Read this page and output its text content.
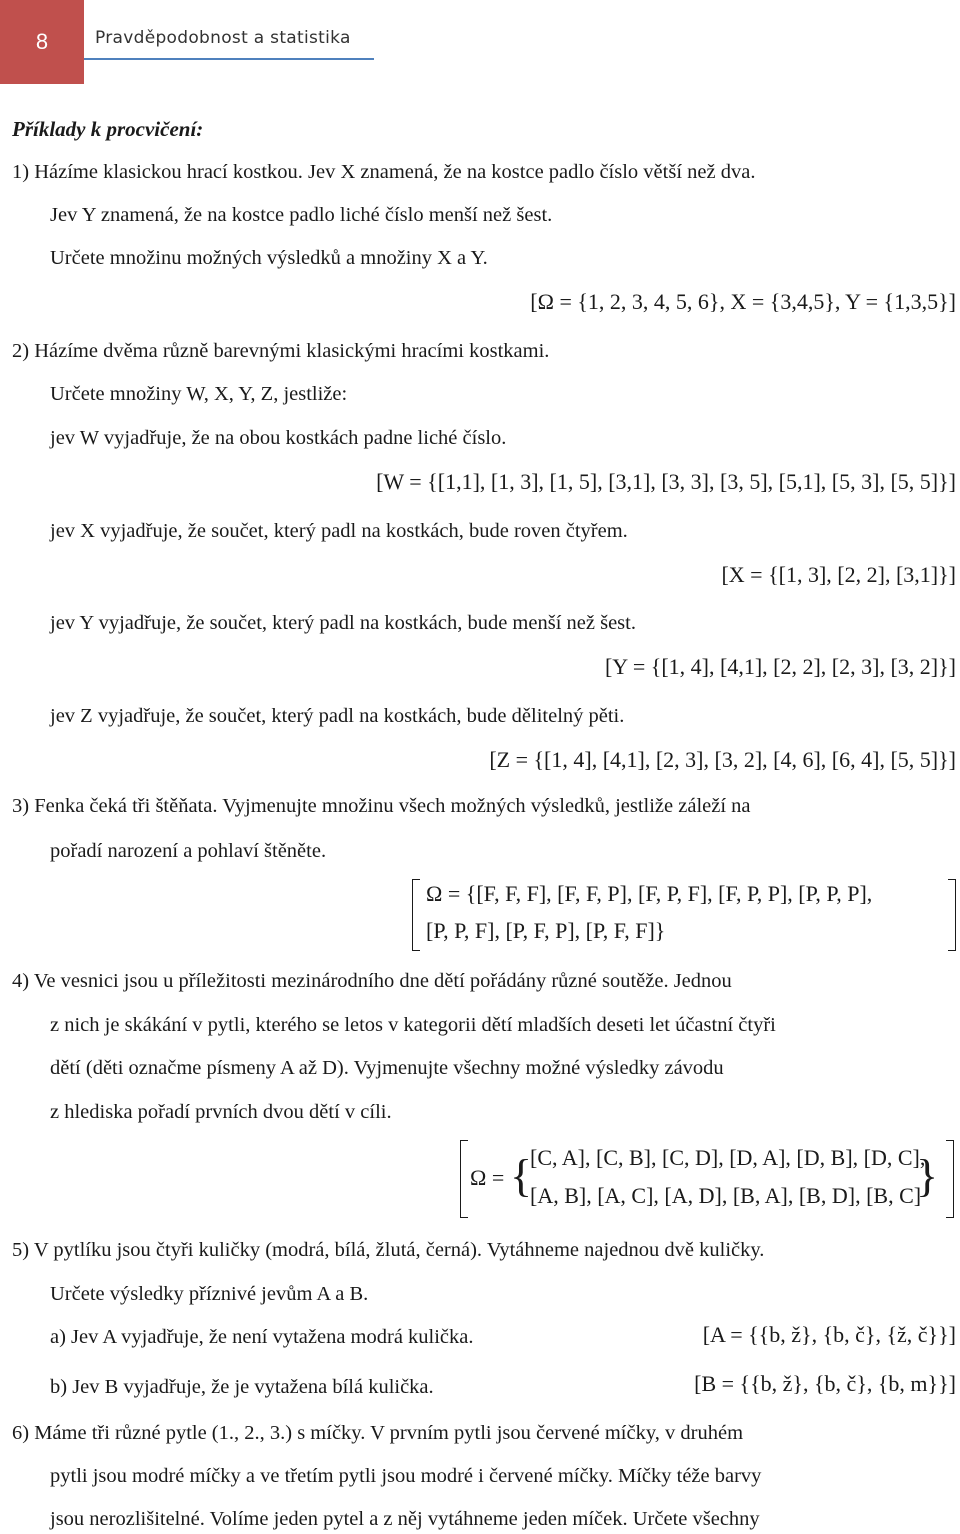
8	Pravděpodobnost a statistika
Příklady k procvičení:
1) Házíme klasickou hrací kostkou. Jev X znamená, že na kostce padlo číslo větší než dva.
Jev Y znamená, že na kostce padlo liché číslo menší než šest.
Určete množinu možných výsledků a množiny X a Y.
[Ω = {1, 2, 3, 4, 5, 6}, X = {3,4,5}, Y = {1,3,5}]
2) Házíme dvěma různě barevnými klasickými hracími kostkami.
Určete množiny W, X, Y, Z, jestliže:
jev W vyjadřuje, že na obou kostkách padne liché číslo.
[W = {[1,1], [1, 3], [1, 5], [3,1], [3, 3], [3, 5], [5,1], [5, 3], [5, 5]}]
jev X vyjadřuje, že součet, který padl na kostkách, bude roven čtyřem.
[X = {[1, 3], [2, 2], [3,1]}]
jev Y vyjadřuje, že součet, který padl na kostkách, bude menší než šest.
[Y = {[1, 4], [4,1], [2, 2], [2, 3], [3, 2]}]
jev Z vyjadřuje, že součet, který padl na kostkách, bude dělitelný pěti.
[Z = {[1, 4], [4,1], [2, 3], [3, 2], [4, 6], [6, 4], [5, 5]}]
3) Fenka čeká tři štěňata. Vyjmenujte množinu všech možných výsledků, jestliže záleží na
pořadí narození a pohlaví štěněte.
Ω = {[F, F, F], [F, F, P], [F, P, F], [F, P, P], [P, P, P],
[P, P, F], [P, F, P], [P, F, F]}
4) Ve vesnici jsou u příležitosti mezinárodního dne dětí pořádány různé soutěže. Jednou
z nich je skákání v pytli, kterého se letos v kategorii dětí mladších deseti let účastní čtyři
dětí (děti označme písmeny A až D). Vyjmenujte všechny možné výsledky závodu
z hlediska pořadí prvních dvou dětí v cíli.
Ω = {
[C, A], [C, B], [C, D], [D, A], [D, B], [D, C],
[A, B], [A, C], [A, D], [B, A], [B, D], [B, C]
}
5) V pytlíku jsou čtyři kuličky (modrá, bílá, žlutá, černá). Vytáhneme najednou dvě kuličky.
Určete výsledky příznivé jevům A a B.
a) Jev A vyjadřuje, že není vytažena modrá kulička.	[A = {{b, ž}, {b, č}, {ž, č}}]
b) Jev B vyjadřuje, že je vytažena bílá kulička.	[B = {{b, ž}, {b, č}, {b, m}}]
6) Máme tři různé pytle (1., 2., 3.) s míčky. V prvním pytli jsou červené míčky, v druhém
pytli jsou modré míčky a ve třetím pytli jsou modré i červené míčky. Míčky téže barvy
jsou nerozlišitelné. Volíme jeden pytel a z něj vytáhneme jeden míček. Určete všechny
